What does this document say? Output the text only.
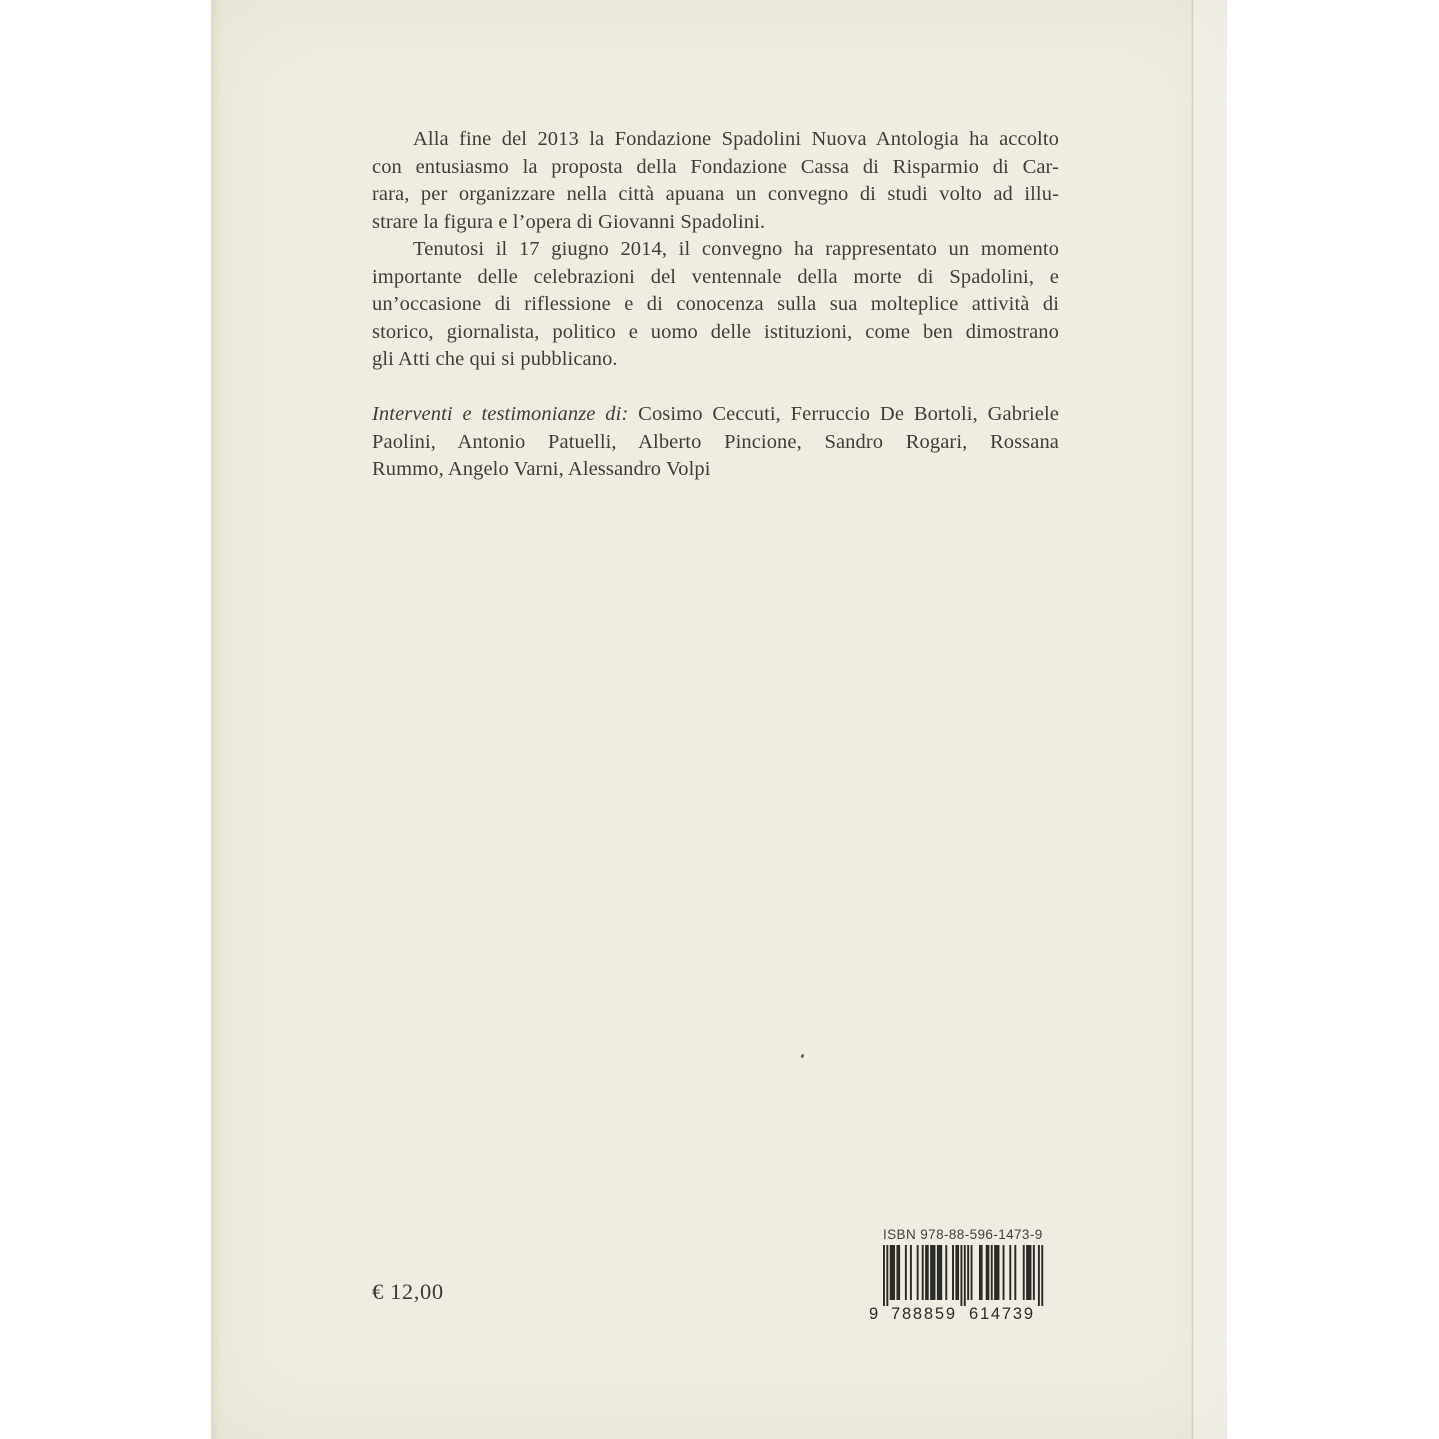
Alla fine del 2013 la Fondazione Spadolini Nuova Antologia ha accolto
con entusiasmo la proposta della Fondazione Cassa di Risparmio di Car-
rara, per organizzare nella città apuana un convegno di studi volto ad illu-
strare la figura e l’opera di Giovanni Spadolini.
Tenutosi il 17 giugno 2014, il convegno ha rappresentato un momento
importante delle celebrazioni del ventennale della morte di Spadolini, e
un’occasione di riflessione e di conocenza sulla sua molteplice attività di
storico, giornalista, politico e uomo delle istituzioni, come ben dimostrano
gli Atti che qui si pubblicano.
Interventi e testimonianze di: Cosimo Ceccuti, Ferruccio De Bortoli, Gabriele
Paolini, Antonio Patuelli, Alberto Pincione, Sandro Rogari, Rossana
Rummo, Angelo Varni, Alessandro Volpi
€ 12,00
ISBN 978-88-596-1473-9
9 788859 614739
